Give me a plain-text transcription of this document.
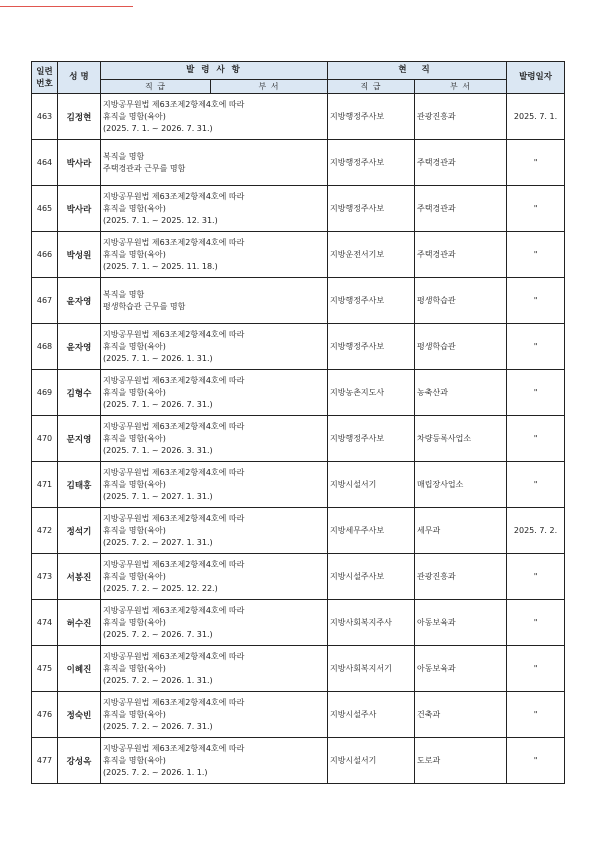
일련
번호	성 명	발 령 사 항		현 직		발령일자
		직 급	부 서	직 급	부 서	
463	김정현	지방공무원법 제63조제2항제4호에 따라
휴직을 명함(육아)
(2025. 7. 1. ~ 2026. 7. 31.)		지방행정주사보	관광진흥과	2025. 7. 1.
464	박사라	복직을 명함
주택경관과 근무를 명함		지방행정주사보	주택경관과	"
465	박사라	지방공무원법 제63조제2항제4호에 따라
휴직을 명함(육아)
(2025. 7. 1. ~ 2025. 12. 31.)		지방행정주사보	주택경관과	"
466	박성원	지방공무원법 제63조제2항제4호에 따라
휴직을 명함(육아)
(2025. 7. 1. ~ 2025. 11. 18.)		지방운전서기보	주택경관과	"
467	윤자영	복직을 명함
평생학습관 근무를 명함		지방행정주사보	평생학습관	"
468	윤자영	지방공무원법 제63조제2항제4호에 따라
휴직을 명함(육아)
(2025. 7. 1. ~ 2026. 1. 31.)		지방행정주사보	평생학습관	"
469	김형수	지방공무원법 제63조제2항제4호에 따라
휴직을 명함(육아)
(2025. 7. 1. ~ 2026. 7. 31.)		지방농촌지도사	농축산과	"
470	문지영	지방공무원법 제63조제2항제4호에 따라
휴직을 명함(육아)
(2025. 7. 1. ~ 2026. 3. 31.)		지방행정주사보	차량등록사업소	"
471	김태홍	지방공무원법 제63조제2항제4호에 따라
휴직을 명함(육아)
(2025. 7. 1. ~ 2027. 1. 31.)		지방시설서기	매립장사업소	"
472	정석기	지방공무원법 제63조제2항제4호에 따라
휴직을 명함(육아)
(2025. 7. 2. ~ 2027. 1. 31.)		지방세무주사보	세무과	2025. 7. 2.
473	서봉진	지방공무원법 제63조제2항제4호에 따라
휴직을 명함(육아)
(2025. 7. 2. ~ 2025. 12. 22.)		지방시설주사보	관광진흥과	"
474	허수진	지방공무원법 제63조제2항제4호에 따라
휴직을 명함(육아)
(2025. 7. 2. ~ 2026. 7. 31.)		지방사회복지주사	아동보육과	"
475	이혜진	지방공무원법 제63조제2항제4호에 따라
휴직을 명함(육아)
(2025. 7. 2. ~ 2026. 1. 31.)		지방사회복지서기	아동보육과	"
476	정숙빈	지방공무원법 제63조제2항제4호에 따라
휴직을 명함(육아)
(2025. 7. 2. ~ 2026. 7. 31.)		지방시설주사	건축과	"
477	강성옥	지방공무원법 제63조제2항제4호에 따라
휴직을 명함(육아)
(2025. 7. 2. ~ 2026. 1. 1.)		지방시설서기	도로과	"
